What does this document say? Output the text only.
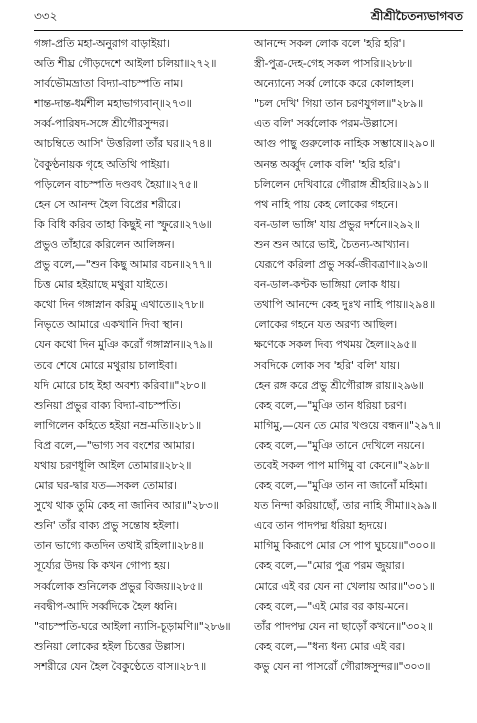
৩৩২	শ্রীশ্রীচৈতন্যভাগবত
গঙ্গা-প্রতি মহা-অনুরাগ বাড়াইয়া।
অতি শীঘ্র গৌড়দেশে আইলা চলিয়া॥২৭২॥
সার্বভৌমভ্রাতা বিদ্যা-বাচস্পতি নাম।
শান্ত-দান্ত-ধর্মশীল মহাভাগ্যবান্॥২৭৩॥
সর্ব্ব-পারিষদ-সঙ্গে শ্রীগৌরসুন্দর।
আচম্বিতে আসি' উত্তরিলা তাঁর ঘর॥২৭৪॥
বৈকুণ্ঠনায়ক গৃহে অতিথি পাইয়া।
পড়িলেন বাচস্পতি দণ্ডবৎ হৈয়া॥২৭৫॥
হেন সে আনন্দ হৈল বিপ্রের শরীরে।
কি বিধি করিব তাহা কিছুই না স্ফুরে॥২৭৬॥
প্রভুও তাঁহারে করিলেন আলিঙ্গন।
প্রভু বলে,—"শুন কিছু আমার বচন॥২৭৭॥
চিত্ত মোর হইয়াছে মথুরা যাইতে।
কথো দিন গঙ্গাস্নান করিমু এথাতে॥২৭৮॥
নিভৃতে আমারে একখানি দিবা স্থান।
যেন কথো দিন মুঞি করোঁ গঙ্গাস্নান॥২৭৯॥
তবে শেষে মোরে মথুরায় চালাইবা।
যদি মোরে চাহ ইহা অবশ্য করিবা॥"২৮০॥
শুনিয়া প্রভুর বাক্য বিদ্যা-বাচস্পতি।
লাগিলেন কহিতে হইয়া নম্র-মতি॥২৮১॥
বিপ্র বলে,—"ভাগ্য সব বংশের আমার।
যথায় চরণধূলি আইল তোমার॥২৮২॥
মোর ঘর-দ্বার যত—সকল তোমার।
সুখে থাক তুমি কেহ না জানিব আর॥"২৮৩॥
শুনি' তাঁর বাক্য প্রভু সন্তোষ হইলা।
তান ভাগ্যে কতদিন তথাই রহিলা॥২৮৪॥
সূর্য্যের উদয় কি কখন গোপ্য হয়।
সর্ব্বলোক শুনিলেক প্রভুর বিজয়॥২৮৫॥
নবদ্বীপ-আদি সর্ব্বদিকে হৈল ধ্বনি।
"বাচস্পতি-ঘরে আইলা ন্যাসি-চূড়ামণি॥"২৮৬॥
শুনিয়া লোকের হইল চিত্তের উল্লাস।
সশরীরে যেন হৈল বৈকুণ্ঠেতে বাস॥২৮৭॥
আনন্দে সকল লোক বলে 'হরি হরি'।
স্ত্রী-পুত্র-দেহ-গেহ সকল পাসরি॥২৮৮॥
অন্যোন্যে সর্ব্ব লোকে করে কোলাহল।
"চল দেখি' গিয়া তান চরণযুগল॥"২৮৯॥
এত বলি' সর্ব্বলোক পরম-উল্লাসে।
আগু পাছু গুরুলোক নাহিক সম্ভাষে॥২৯০॥
অনন্ত অর্ব্বুদ লোক বলি' 'হরি হরি'।
চলিলেন দেখিবারে গৌরাঙ্গ শ্রীহরি॥২৯১॥
পথ নাহি পায় কেহ লোকের গহনে।
বন-ডাল ভাঙ্গি' যায় প্রভুর দর্শনে॥২৯২॥
শুন শুন আরে ভাই, চৈতন্য-আখ্যান।
যেরূপে করিলা প্রভু সর্ব্ব-জীবত্রাণ॥২৯৩॥
বন-ডাল-কণ্টক ভাঙ্গিয়া লোক ধায়।
তথাপি আনন্দে কেহ দুঃখ নাহি পায়॥২৯৪॥
লোকের গহনে যত অরণ্য আছিল।
ক্ষণেকে সকল দিব্য পথময় হৈল॥২৯৫॥
সবদিকে লোক সব 'হরি' বলি' যায়।
হেন রঙ্গ করে প্রভু শ্রীগৌরাঙ্গ রায়॥২৯৬॥
কেহ বলে,—"মুঞি তান ধরিয়া চরণ।
মাগিমু,—যেন তে মোর খণ্ডয়ে বন্ধন॥"২৯৭॥
কেহ বলে,—"মুঞি তানে দেখিলে নয়নে।
তবেই সকল পাপ মাগিমু বা কেনে॥"২৯৮॥
কেহ বলে,—"মুঞি তান না জানোঁ মহিমা।
যত নিন্দা করিয়াছোঁ, তার নাহি সীমা॥২৯৯॥
এবে তান পাদপদ্ম ধরিয়া হৃদয়ে।
মাগিমু কিরূপে মোর সে পাপ ঘুচয়ে॥"৩০০॥
কেহ বলে,—"মোর পুত্র পরম জুয়ার।
মোরে এই বর যেন না খেলায় আর॥"৩০১॥
কেহ বলে,—"এই মোর বর কায়-মনে।
তাঁর পাদপদ্ম যেন না ছাড়োঁ কখনে॥"৩০২॥
কেহ বলে,—"ধন্য ধন্য মোর এই বর।
কভু যেন না পাসরোঁ গৌরাঙ্গসুন্দর॥"৩০৩॥
